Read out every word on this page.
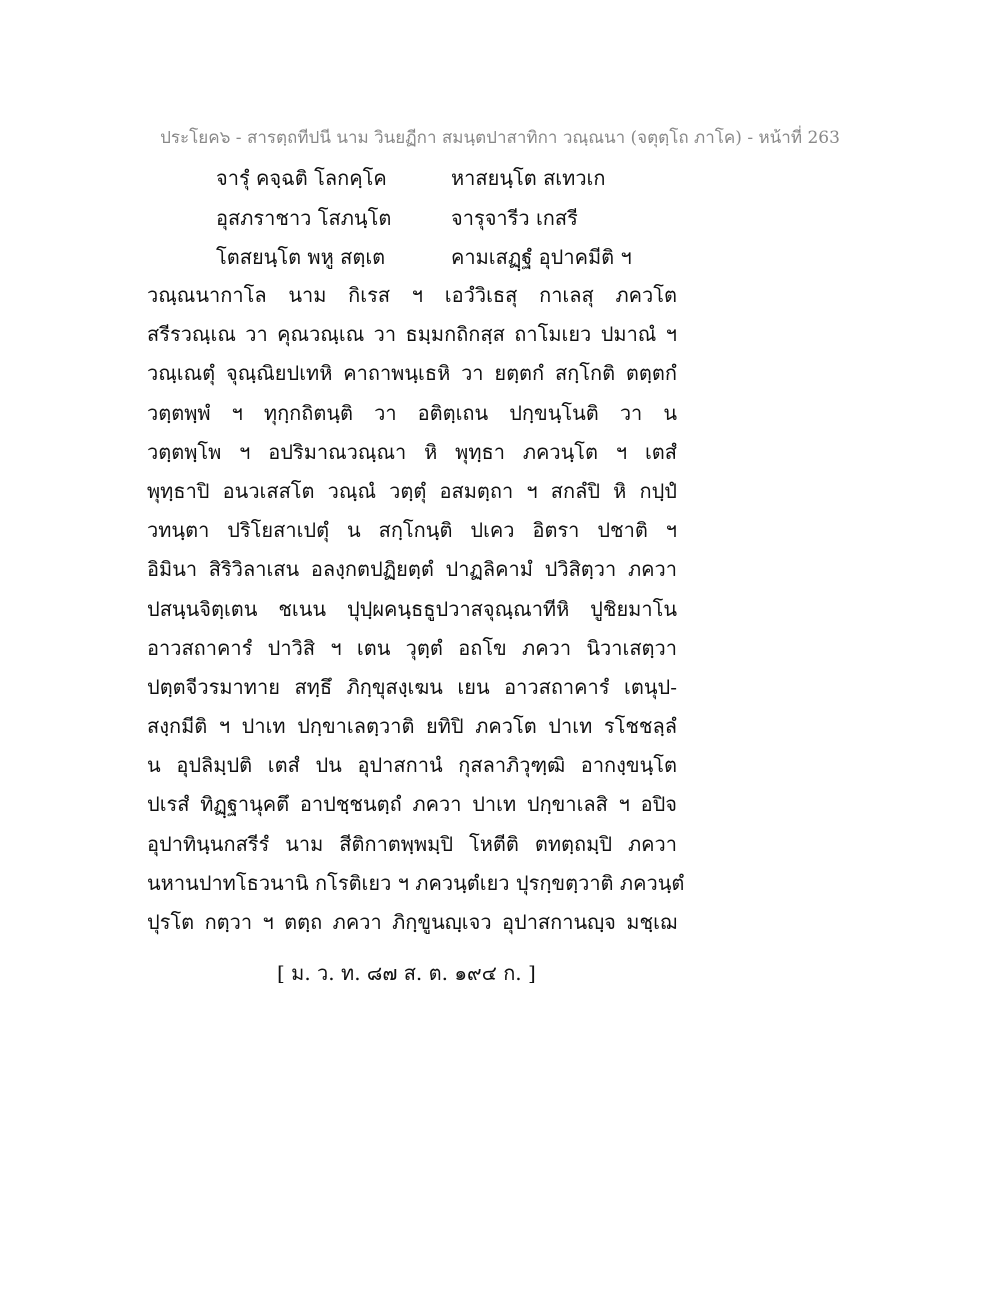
ประโยค๖ - สารตฺถทีปนี นาม วินยฏีกา สมนฺตปาสาทิกา วณฺณนา (จตุตฺโถ ภาโค) - หน้าที่ 263
จารุํ คจฺฉติ โลกคฺโค	หาสยนฺโต สเทวเก
อุสภราชาว โสภนฺโต	จารุจารีว เกสรี
โตสยนฺโต พหู สตฺเต	คามเสฏฺฐํ อุปาคมีติ ฯ
วณฺณนากาโล นาม กิเรส ฯ เอวํวิเธสุ กาเลสุ ภควโต
สรีรวณฺเณ วา คุณวณฺเณ วา ธมฺมกถิกสฺส ถาโมเยว ปมาณํ ฯ
วณฺเณตุํ จุณฺณิยปเทหิ คาถาพนฺเธหิ วา ยตฺตกํ สกฺโกติ ตตฺตกํ
วตฺตพฺพํ ฯ ทุกฺกถิตนฺติ วา อติตฺเถน ปกฺขนฺโนติ วา น
วตฺตพฺโพ ฯ อปริมาณวณฺณา หิ พุทฺธา ภควนฺโต ฯ เตสํ
พุทฺธาปิ อนวเสสโต วณฺณํ วตฺตุํ อสมตฺถา ฯ สกลํปิ หิ กปฺปํ
วทนฺตา ปริโยสาเปตุํ น สกฺโกนฺติ ปเคว อิตรา ปชาติ ฯ
อิมินา สิริวิลาเสน อลงฺกตปฏิยตฺตํ ปาฏลิคามํ ปวิสิตฺวา ภควา
ปสนฺนจิตฺเตน ชเนน ปุปฺผคนฺธธูปวาสจุณฺณาทีหิ ปูชิยมาโน
อาวสถาคารํ ปาวิสิ ฯ เตน วุตฺตํ อถโข ภควา นิวาเสตฺวา
ปตฺตจีวรมาทาย สทฺธึ ภิกฺขุสงฺเฆน เยน อาวสถาคารํ เตนุป-
สงฺกมีติ ฯ ปาเท ปกฺขาเลตฺวาติ ยทิปิ ภควโต ปาเท รโชชลฺลํ
น อุปลิมฺปติ เตสํ ปน อุปาสกานํ กุสลาภิวุฑฺฒิ อากงฺขนฺโต
ปเรสํ ทิฏฺฐานุคตึ อาปชฺชนตฺถํ ภควา ปาเท ปกฺขาเลสิ ฯ อปิจ
อุปาทินฺนกสรีรํ นาม สีติกาตพฺพมฺปิ โหตีติ ตทตฺถมฺปิ ภควา
นหานปาทโธวนานิ กโรติเยว ฯ ภควนฺตํเยว ปุรกฺขตฺวาติ ภควนฺตํ
ปุรโต กตฺวา ฯ ตตฺถ ภควา ภิกฺขูนญฺเจว อุปาสกานญฺจ มชฺเฌ
[ ม. ว. ท. ๘๗ ส. ต. ๑๙๔ ก. ]
